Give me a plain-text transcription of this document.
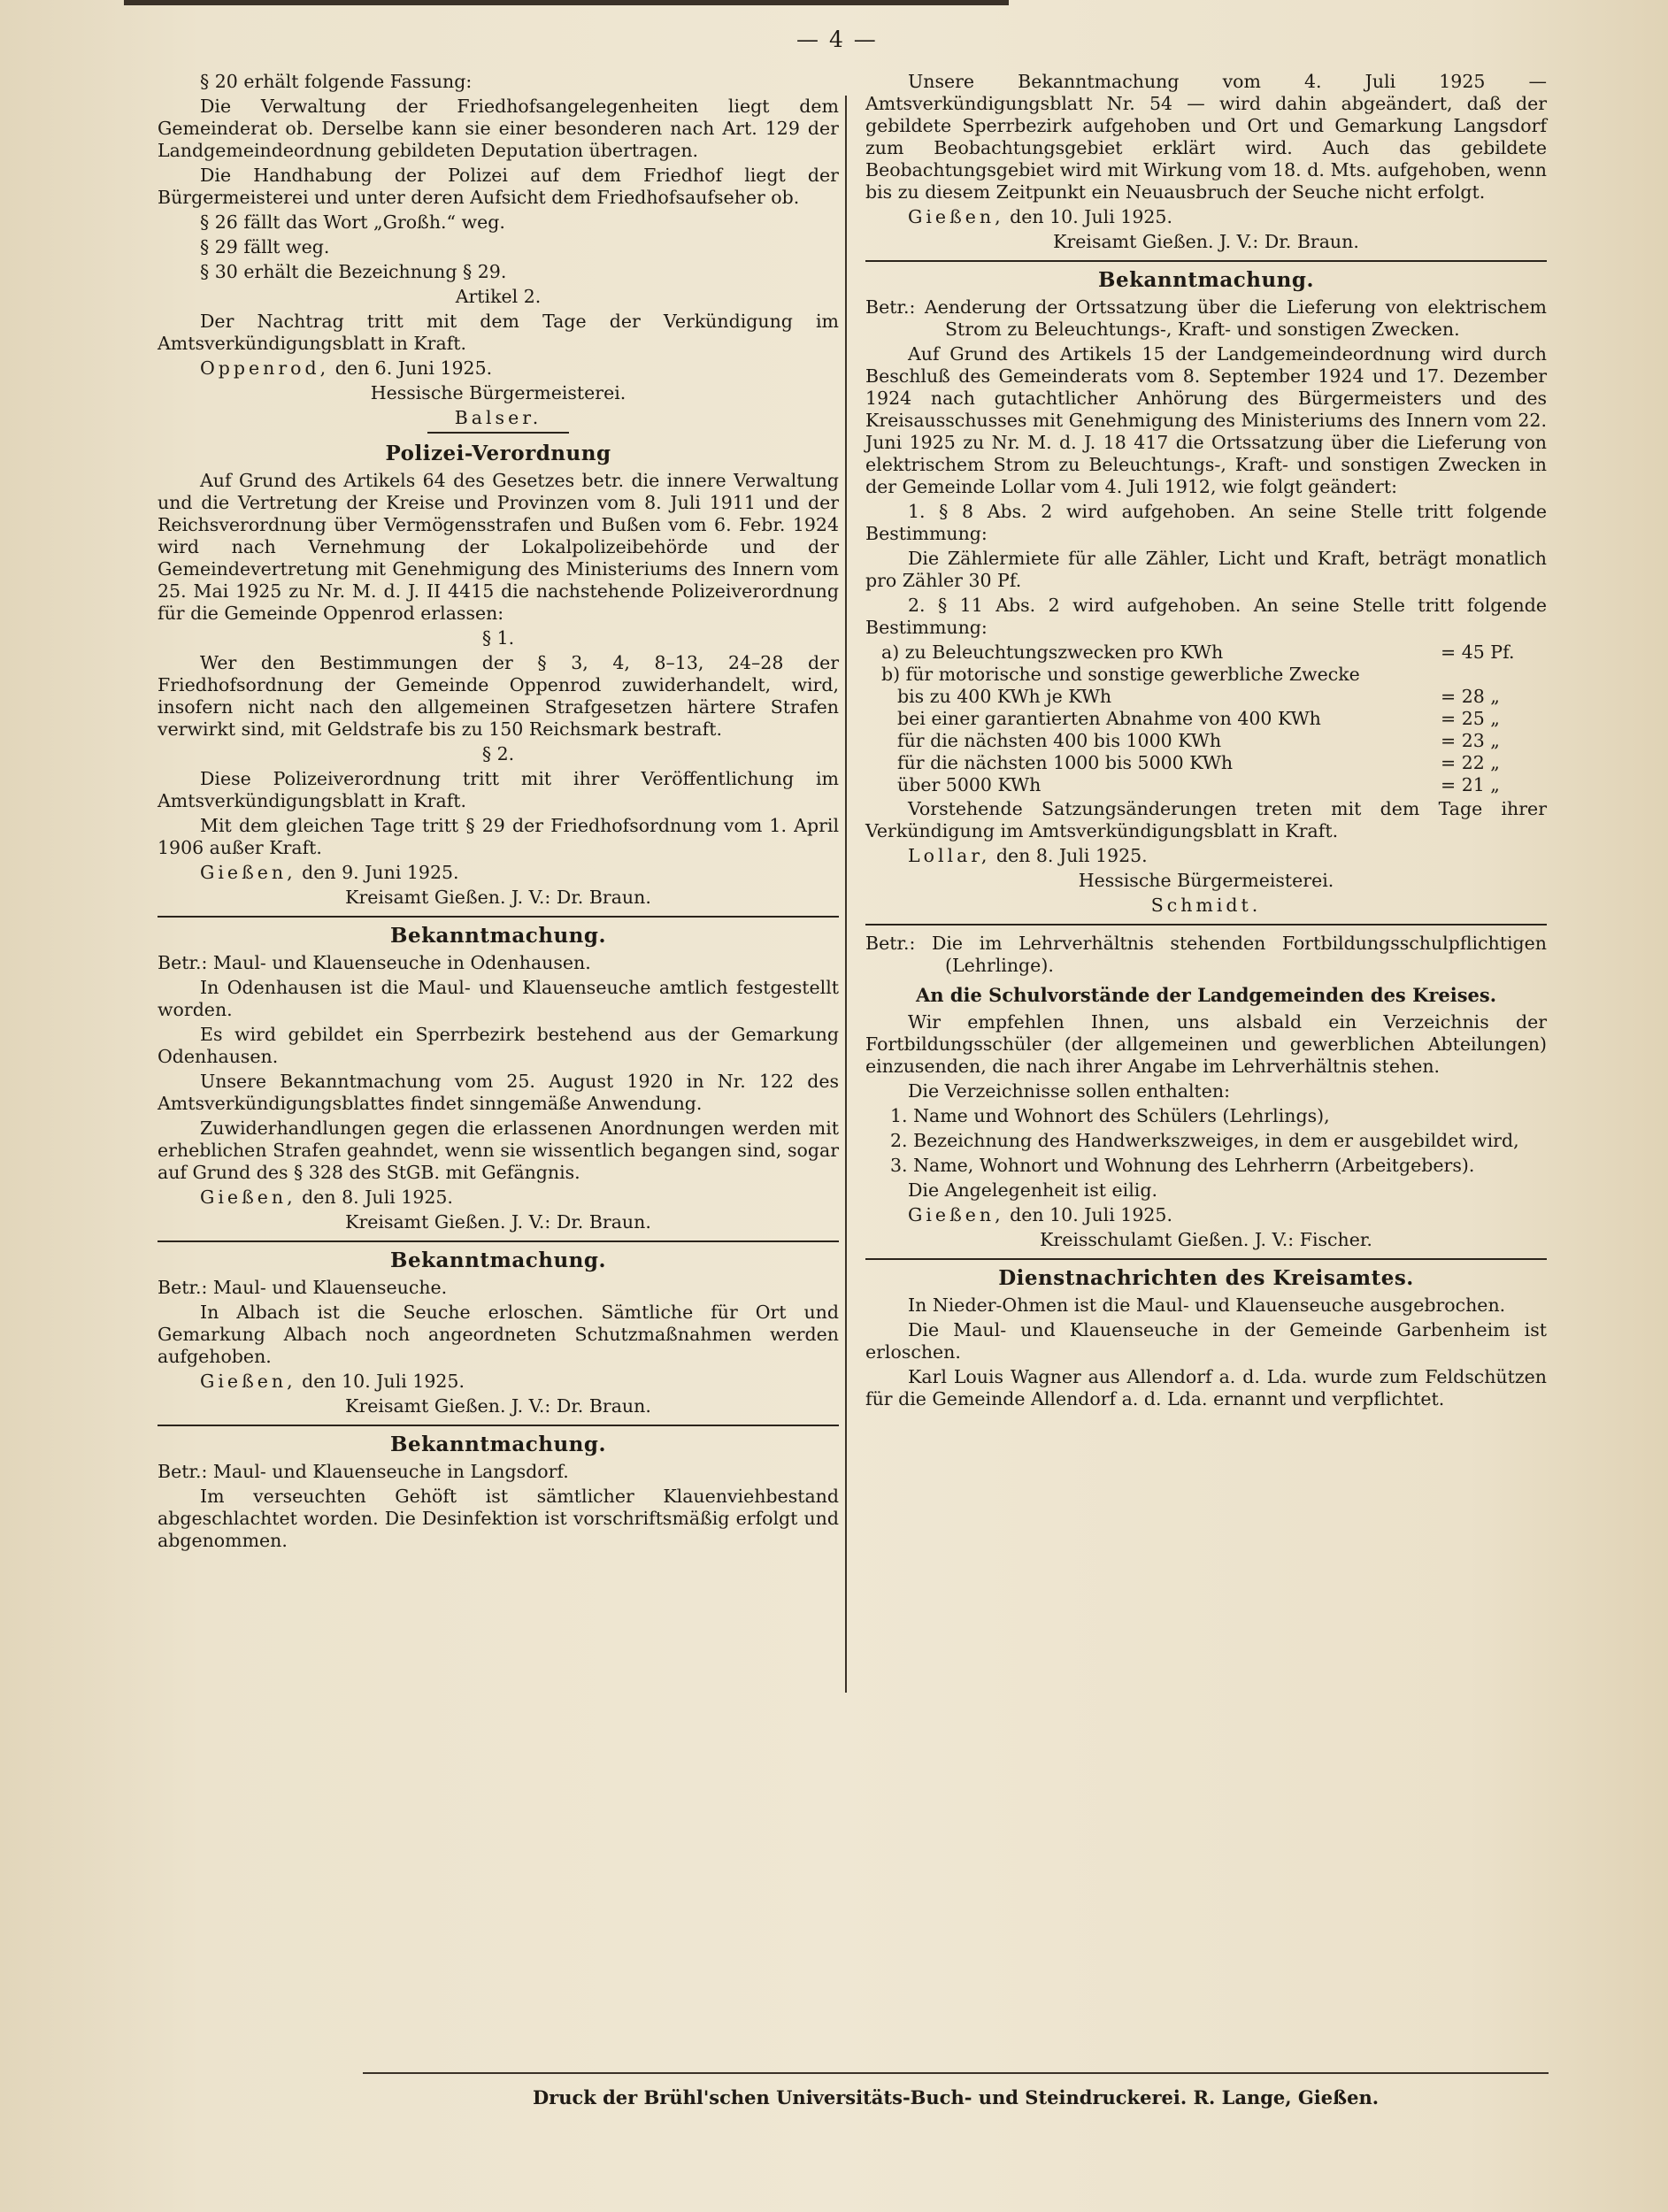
— 4 —

§ 20 erhält folgende Fassung:

Die Verwaltung der Friedhofsangelegenheiten liegt dem Gemeinderat ob. Derselbe kann sie einer besonderen nach Art. 129 der Landgemeindeordnung gebildeten Deputation übertragen.

Die Handhabung der Polizei auf dem Friedhof liegt der Bürgermeisterei und unter deren Aufsicht dem Friedhofsaufseher ob.

§ 26 fällt das Wort „Großh.“ weg.

§ 29 fällt weg.

§ 30 erhält die Bezeichnung § 29.

Artikel 2.

Der Nachtrag tritt mit dem Tage der Verkündigung im Amtsverkündigungsblatt in Kraft.

Oppenrod, den 6. Juni 1925.

Hessische Bürgermeisterei.

Balser.

Polizei-Verordnung

Auf Grund des Artikels 64 des Gesetzes betr. die innere Verwaltung und die Vertretung der Kreise und Provinzen vom 8. Juli 1911 und der Reichsverordnung über Vermögensstrafen und Bußen vom 6. Febr. 1924 wird nach Vernehmung der Lokalpolizeibehörde und der Gemeindevertretung mit Genehmigung des Ministeriums des Innern vom 25. Mai 1925 zu Nr. M. d. J. II 4415 die nachstehende Polizeiverordnung für die Gemeinde Oppenrod erlassen:

§ 1.

Wer den Bestimmungen der § 3, 4, 8–13, 24–28 der Friedhofsordnung der Gemeinde Oppenrod zuwiderhandelt, wird, insofern nicht nach den allgemeinen Strafgesetzen härtere Strafen verwirkt sind, mit Geldstrafe bis zu 150 Reichsmark bestraft.

§ 2.

Diese Polizeiverordnung tritt mit ihrer Veröffentlichung im Amtsverkündigungsblatt in Kraft.

Mit dem gleichen Tage tritt § 29 der Friedhofsordnung vom 1. April 1906 außer Kraft.

Gießen, den 9. Juni 1925.

Kreisamt Gießen. J. V.: Dr. Braun.

Bekanntmachung.

Betr.: Maul- und Klauenseuche in Odenhausen.

In Odenhausen ist die Maul- und Klauenseuche amtlich festgestellt worden.

Es wird gebildet ein Sperrbezirk bestehend aus der Gemarkung Odenhausen.

Unsere Bekanntmachung vom 25. August 1920 in Nr. 122 des Amtsverkündigungsblattes findet sinngemäße Anwendung.

Zuwiderhandlungen gegen die erlassenen Anordnungen werden mit erheblichen Strafen geahndet, wenn sie wissentlich begangen sind, sogar auf Grund des § 328 des StGB. mit Gefängnis.

Gießen, den 8. Juli 1925.

Kreisamt Gießen. J. V.: Dr. Braun.

Bekanntmachung.

Betr.: Maul- und Klauenseuche.

In Albach ist die Seuche erloschen. Sämtliche für Ort und Gemarkung Albach noch angeordneten Schutzmaßnahmen werden aufgehoben.

Gießen, den 10. Juli 1925.

Kreisamt Gießen. J. V.: Dr. Braun.

Bekanntmachung.

Betr.: Maul- und Klauenseuche in Langsdorf.

Im verseuchten Gehöft ist sämtlicher Klauenviehbestand abgeschlachtet worden. Die Desinfektion ist vorschriftsmäßig erfolgt und abgenommen.

Unsere Bekanntmachung vom 4. Juli 1925 — Amtsverkündigungsblatt Nr. 54 — wird dahin abgeändert, daß der gebildete Sperrbezirk aufgehoben und Ort und Gemarkung Langsdorf zum Beobachtungsgebiet erklärt wird. Auch das gebildete Beobachtungsgebiet wird mit Wirkung vom 18. d. Mts. aufgehoben, wenn bis zu diesem Zeitpunkt ein Neuausbruch der Seuche nicht erfolgt.

Gießen, den 10. Juli 1925.

Kreisamt Gießen. J. V.: Dr. Braun.

Bekanntmachung.

Betr.: Aenderung der Ortssatzung über die Lieferung von elektrischem Strom zu Beleuchtungs-, Kraft- und sonstigen Zwecken.

Auf Grund des Artikels 15 der Landgemeindeordnung wird durch Beschluß des Gemeinderats vom 8. September 1924 und 17. Dezember 1924 nach gutachtlicher Anhörung des Bürgermeisters und des Kreisausschusses mit Genehmigung des Ministeriums des Innern vom 22. Juni 1925 zu Nr. M. d. J. 18 417 die Ortssatzung über die Lieferung von elektrischem Strom zu Beleuchtungs-, Kraft- und sonstigen Zwecken in der Gemeinde Lollar vom 4. Juli 1912, wie folgt geändert:

1. § 8 Abs. 2 wird aufgehoben. An seine Stelle tritt folgende Bestimmung:

Die Zählermiete für alle Zähler, Licht und Kraft, beträgt monatlich pro Zähler 30 Pf.

2. § 11 Abs. 2 wird aufgehoben. An seine Stelle tritt folgende Bestimmung:

a) zu Beleuchtungszwecken pro KWh	= 45 Pf.
b) für motorische und sonstige gewerbliche Zwecke
bis zu 400 KWh je KWh	= 28 „
bei einer garantierten Abnahme von 400 KWh	= 25 „
für die nächsten 400 bis 1000 KWh	= 23 „
für die nächsten 1000 bis 5000 KWh	= 22 „
über 5000 KWh	= 21 „

Vorstehende Satzungsänderungen treten mit dem Tage ihrer Verkündigung im Amtsverkündigungsblatt in Kraft.

Lollar, den 8. Juli 1925.

Hessische Bürgermeisterei.

Schmidt.

Betr.: Die im Lehrverhältnis stehenden Fortbildungsschulpflichtigen (Lehrlinge).

An die Schulvorstände der Landgemeinden des Kreises.

Wir empfehlen Ihnen, uns alsbald ein Verzeichnis der Fortbildungsschüler (der allgemeinen und gewerblichen Abteilungen) einzusenden, die nach ihrer Angabe im Lehrverhältnis stehen.

Die Verzeichnisse sollen enthalten:

1. Name und Wohnort des Schülers (Lehrlings),

2. Bezeichnung des Handwerkszweiges, in dem er ausgebildet wird,

3. Name, Wohnort und Wohnung des Lehrherrn (Arbeitgebers).

Die Angelegenheit ist eilig.

Gießen, den 10. Juli 1925.

Kreisschulamt Gießen. J. V.: Fischer.

Dienstnachrichten des Kreisamtes.

In Nieder-Ohmen ist die Maul- und Klauenseuche ausgebrochen.

Die Maul- und Klauenseuche in der Gemeinde Garbenheim ist erloschen.

Karl Louis Wagner aus Allendorf a. d. Lda. wurde zum Feldschützen für die Gemeinde Allendorf a. d. Lda. ernannt und verpflichtet.

Druck der Brühl'schen Universitäts-Buch- und Steindruckerei. R. Lange, Gießen.
